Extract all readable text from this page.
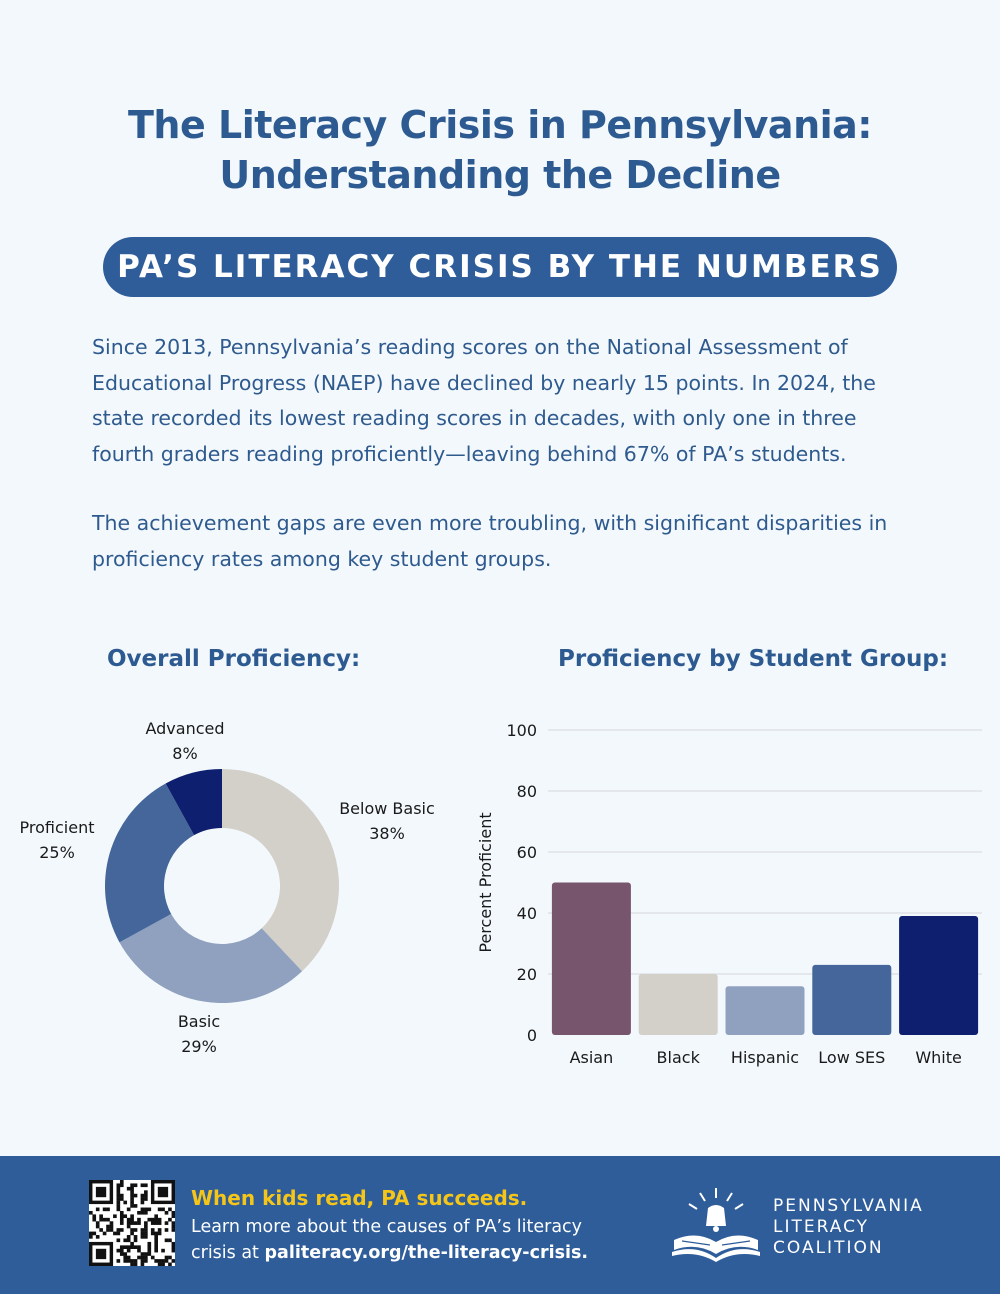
The Literacy Crisis in Pennsylvania:
Understanding the Decline
PA’S LITERACY CRISIS BY THE NUMBERS

Since 2013, Pennsylvania’s reading scores on the National Assessment of Educational Progress (NAEP) have declined by nearly 15 points. In 2024, the state recorded its lowest reading scores in decades, with only one in three fourth graders reading proficiently—leaving behind 67% of PA’s students.

The achievement gaps are even more troubling, with significant disparities in proficiency rates among key student groups.

Overall Proficiency:	Proficiency by Student Group:
Below Basic
38%
Basic
29%
Proficient
25%
Advanced
8%
0
20
40
60
80
100
Percent Proficient
Asian	Black Hispanic Low SES White
When kids read, PA succeeds.
Learn more about the causes of PA’s literacy crisis at paliteracy.org/the-literacy-crisis.
PENNSYLVANIA
LITERACY
COALITION
